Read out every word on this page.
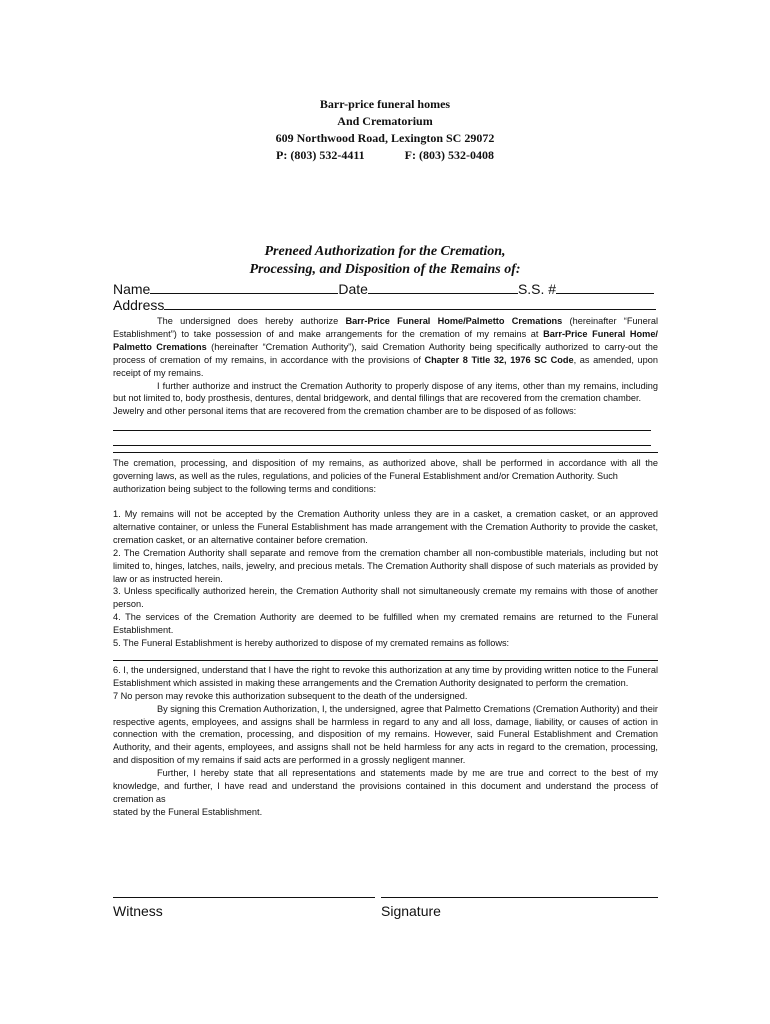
Barr-price funeral homes
And Crematorium
609 Northwood Road, Lexington SC 29072
P: (803) 532-4411	F: (803) 532-0408
Preneed Authorization for the Cremation,
Processing, and Disposition of the Remains of:
Name	Date	S.S. #
Address

The undersigned does hereby authorize Barr-Price Funeral Home/Palmetto Cremations (hereinafter “Funeral Establishment”) to take possession of and make arrangements for the cremation of my remains at Barr-Price Funeral Home/ Palmetto Cremations (hereinafter “Cremation Authority”), said Cremation Authority being specifically authorized to carry-out the process of cremation of my remains, in accordance with the provisions of Chapter 8 Title 32, 1976 SC Code, as amended, upon receipt of my remains.

I further authorize and instruct the Cremation Authority to properly dispose of any items, other than my remains, including but not limited to, body prosthesis, dentures, dental bridgework, and dental fillings that are recovered from the cremation chamber.

Jewelry and other personal items that are recovered from the cremation chamber are to be disposed of as follows:

The cremation, processing, and disposition of my remains, as authorized above, shall be performed in accordance with all the governing laws, as well as the rules, regulations, and policies of the Funeral Establishment and/or Cremation Authority. Such

authorization being subject to the following terms and conditions:

1. My remains will not be accepted by the Cremation Authority unless they are in a casket, a cremation casket, or an approved alternative container, or unless the Funeral Establishment has made arrangement with the Cremation Authority to provide the casket, cremation casket, or an alternative container before cremation.

2. The Cremation Authority shall separate and remove from the cremation chamber all non-combustible materials, including but not limited to, hinges, latches, nails, jewelry, and precious metals. The Cremation Authority shall dispose of such materials as provided by law or as instructed herein.

3. Unless specifically authorized herein, the Cremation Authority shall not simultaneously cremate my remains with those of another person.

4. The services of the Cremation Authority are deemed to be fulfilled when my cremated remains are returned to the Funeral Establishment.

5. The Funeral Establishment is hereby authorized to dispose of my cremated remains as follows:

6. I, the undersigned, understand that I have the right to revoke this authorization at any time by providing written notice to the Funeral Establishment which assisted in making these arrangements and the Cremation Authority designated to perform the cremation.

7 No person may revoke this authorization subsequent to the death of the undersigned.

By signing this Cremation Authorization, I, the undersigned, agree that Palmetto Cremations (Cremation Authority) and their respective agents, employees, and assigns shall be harmless in regard to any and all loss, damage, liability, or causes of action in connection with the cremation, processing, and disposition of my remains. However, said Funeral Establishment and Cremation Authority, and their agents, employees, and assigns shall not be held harmless for any acts in regard to the cremation, processing, and disposition of my remains if said acts are performed in a grossly negligent manner.

Further, I hereby state that all representations and statements made by me are true and correct to the best of my knowledge, and further, I have read and understand the provisions contained in this document and understand the process of cremation as

stated by the Funeral Establishment.

Witness	Signature
